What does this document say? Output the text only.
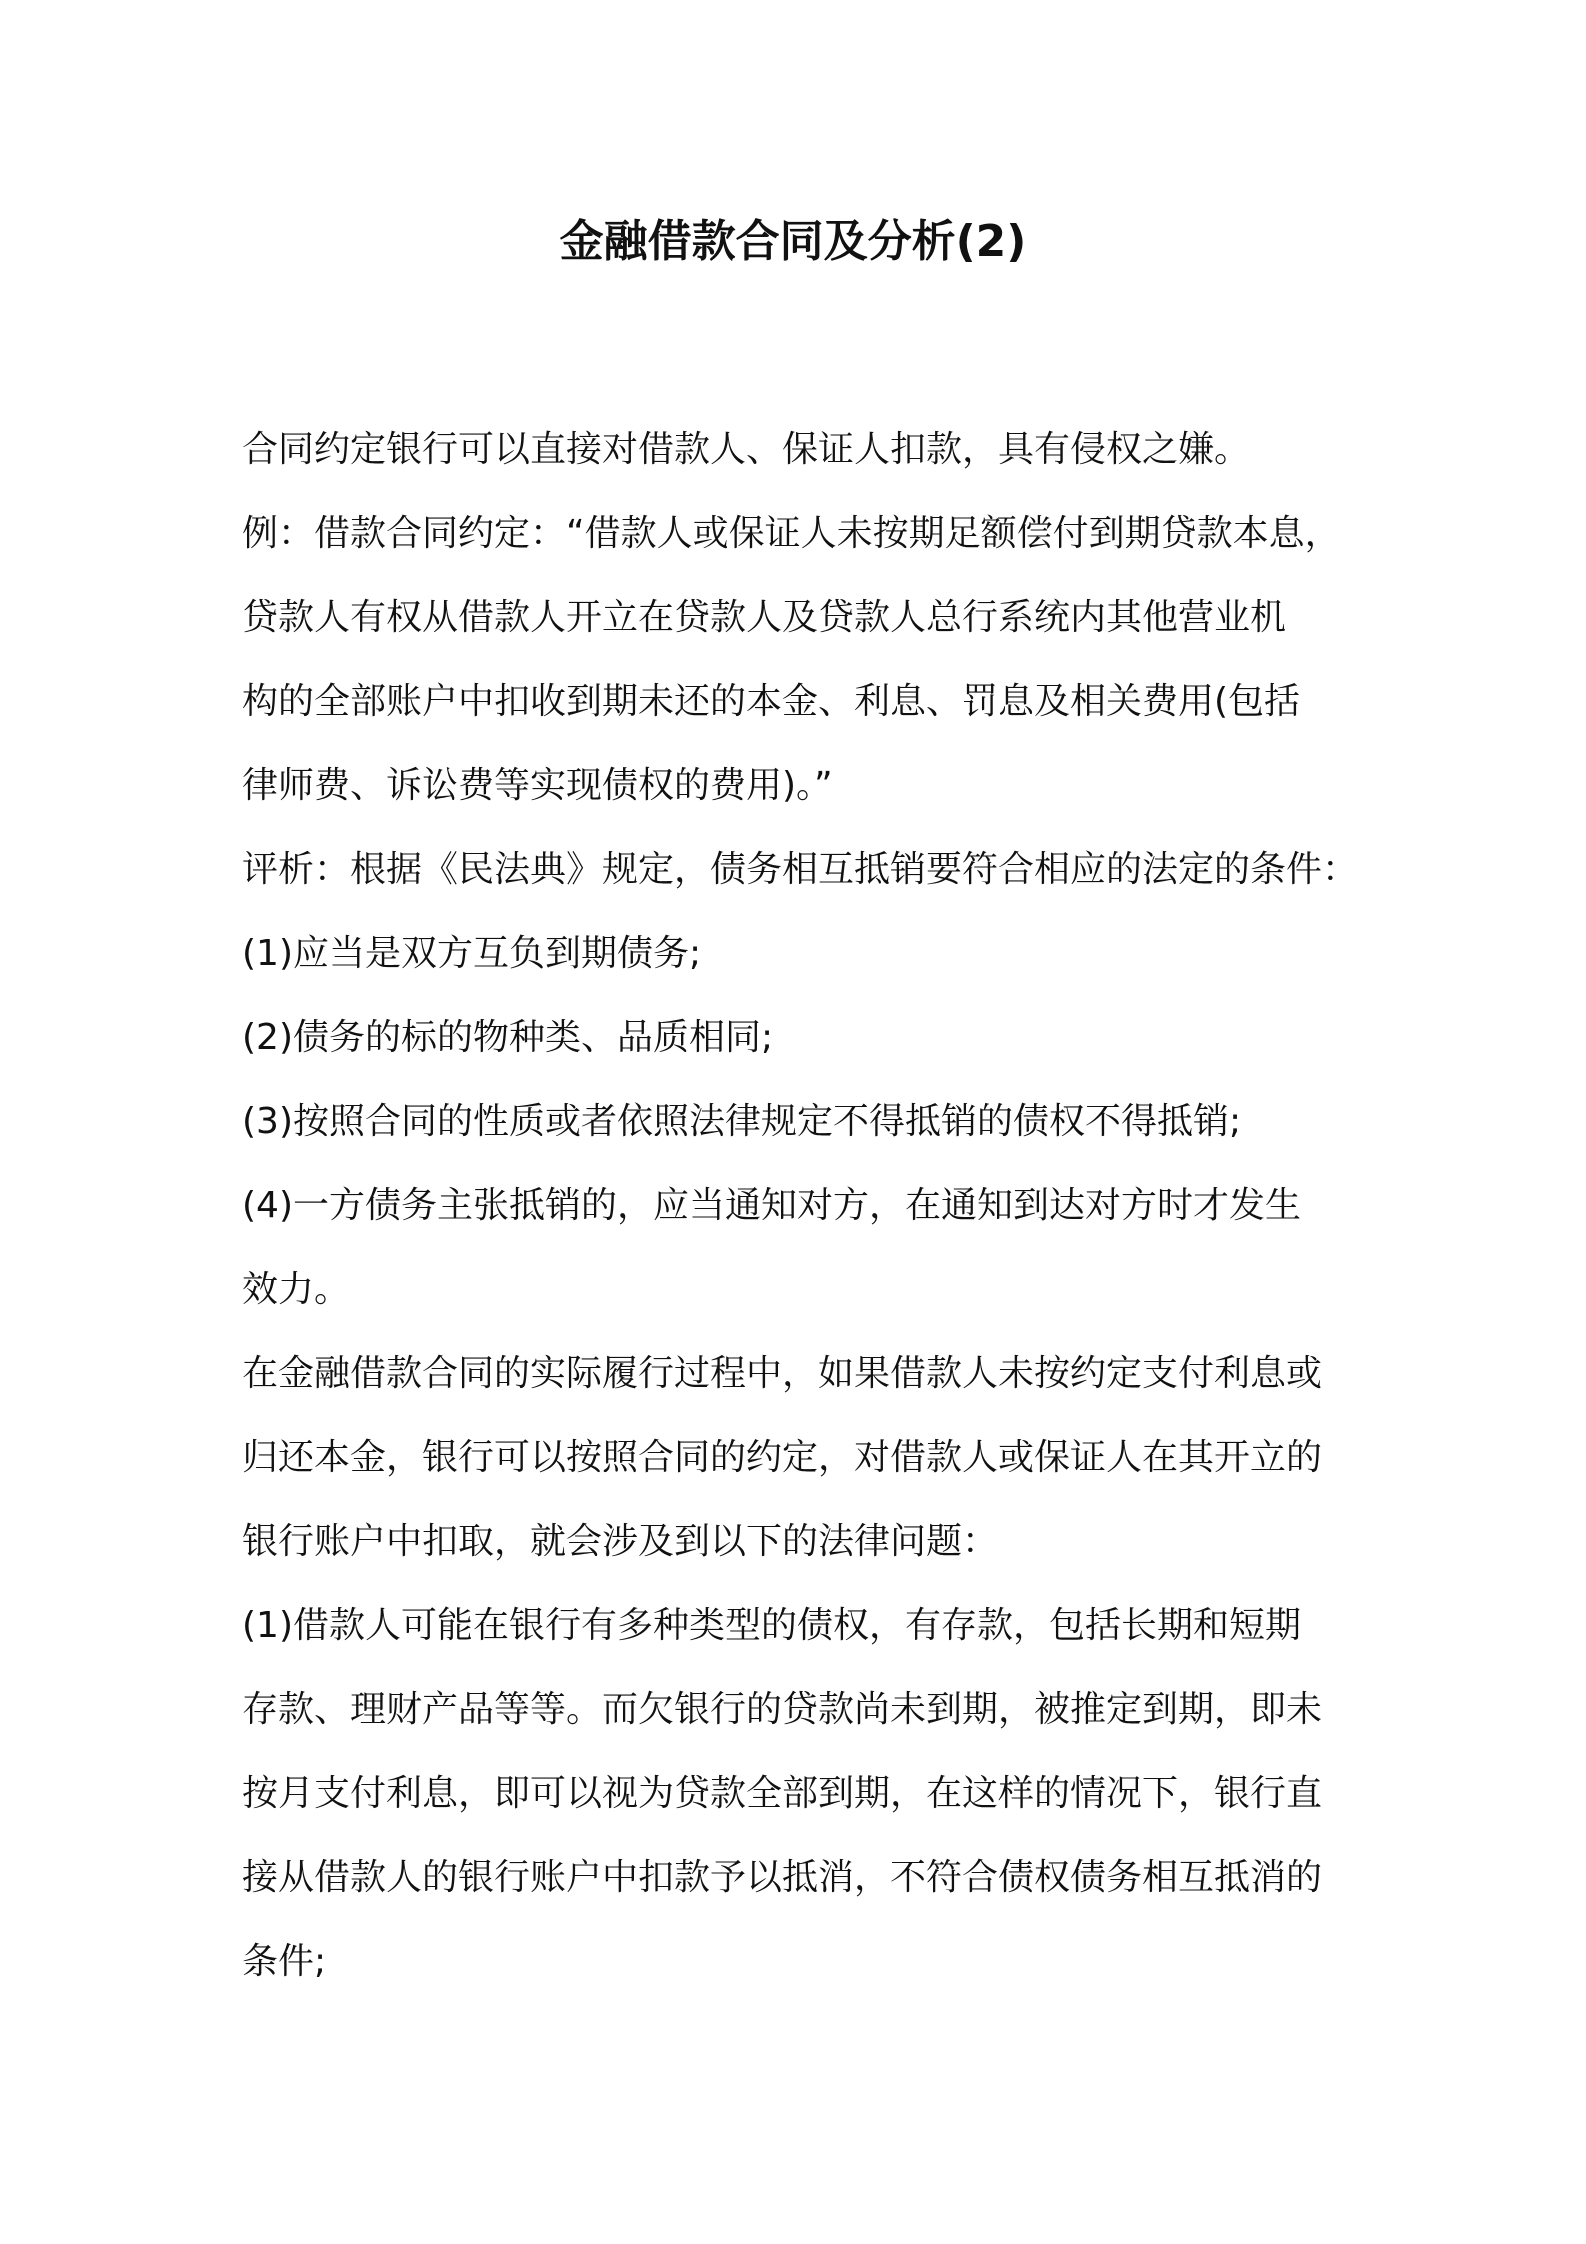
金融借款合同及分析(2)
合同约定银行可以直接对借款人、保证人扣款，具有侵权之嫌。
例：借款合同约定：“借款人或保证人未按期足额偿付到期贷款本息，
贷款人有权从借款人开立在贷款人及贷款人总行系统内其他营业机
构的全部账户中扣收到期未还的本金、利息、罚息及相关费用(包括
律师费、诉讼费等实现债权的费用)。”
评析：根据《民法典》规定，债务相互抵销要符合相应的法定的条件：
(1)应当是双方互负到期债务;
(2)债务的标的物种类、品质相同;
(3)按照合同的性质或者依照法律规定不得抵销的债权不得抵销;
(4)一方债务主张抵销的，应当通知对方，在通知到达对方时才发生
效力。
在金融借款合同的实际履行过程中，如果借款人未按约定支付利息或
归还本金，银行可以按照合同的约定，对借款人或保证人在其开立的
银行账户中扣取，就会涉及到以下的法律问题：
(1)借款人可能在银行有多种类型的债权，有存款，包括长期和短期
存款、理财产品等等。而欠银行的贷款尚未到期，被推定到期，即未
按月支付利息，即可以视为贷款全部到期，在这样的情况下，银行直
接从借款人的银行账户中扣款予以抵消，不符合债权债务相互抵消的
条件;
